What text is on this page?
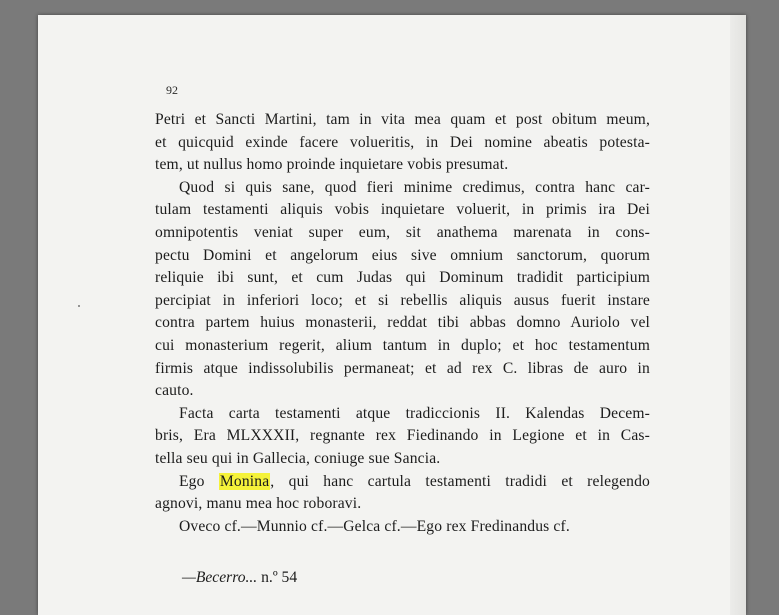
92
Petri et Sancti Martini, tam in vita mea quam et post obitum meum,
et quicquid exinde facere volueritis, in Dei nomine abeatis potesta-
tem, ut nullus homo proinde inquietare vobis presumat.
Quod si quis sane, quod fieri minime credimus, contra hanc car-
tulam testamenti aliquis vobis inquietare voluerit, in primis ira Dei
omnipotentis veniat super eum, sit anathema marenata in cons-
pectu Domini et angelorum eius sive omnium sanctorum, quorum
reliquie ibi sunt, et cum Judas qui Dominum tradidit participium
percipiat in inferiori loco; et si rebellis aliquis ausus fuerit instare
contra partem huius monasterii, reddat tibi abbas domno Auriolo vel
cui monasterium regerit, alium tantum in duplo; et hoc testamentum
firmis atque indissolubilis permaneat; et ad rex C. libras de auro in
cauto.
Facta carta testamenti atque tradiccionis II. Kalendas Decem-
bris, Era MLXXXII, regnante rex Fiedinando in Legione et in Cas-
tella seu qui in Gallecia, coniuge sue Sancia.
Ego Monina, qui hanc cartula testamenti tradidi et relegendo
agnovi, manu mea hoc roboravi.
Oveco cf.—Munnio cf.—Gelca cf.—Ego rex Fredinandus cf.
—Becerro... n.º 54
